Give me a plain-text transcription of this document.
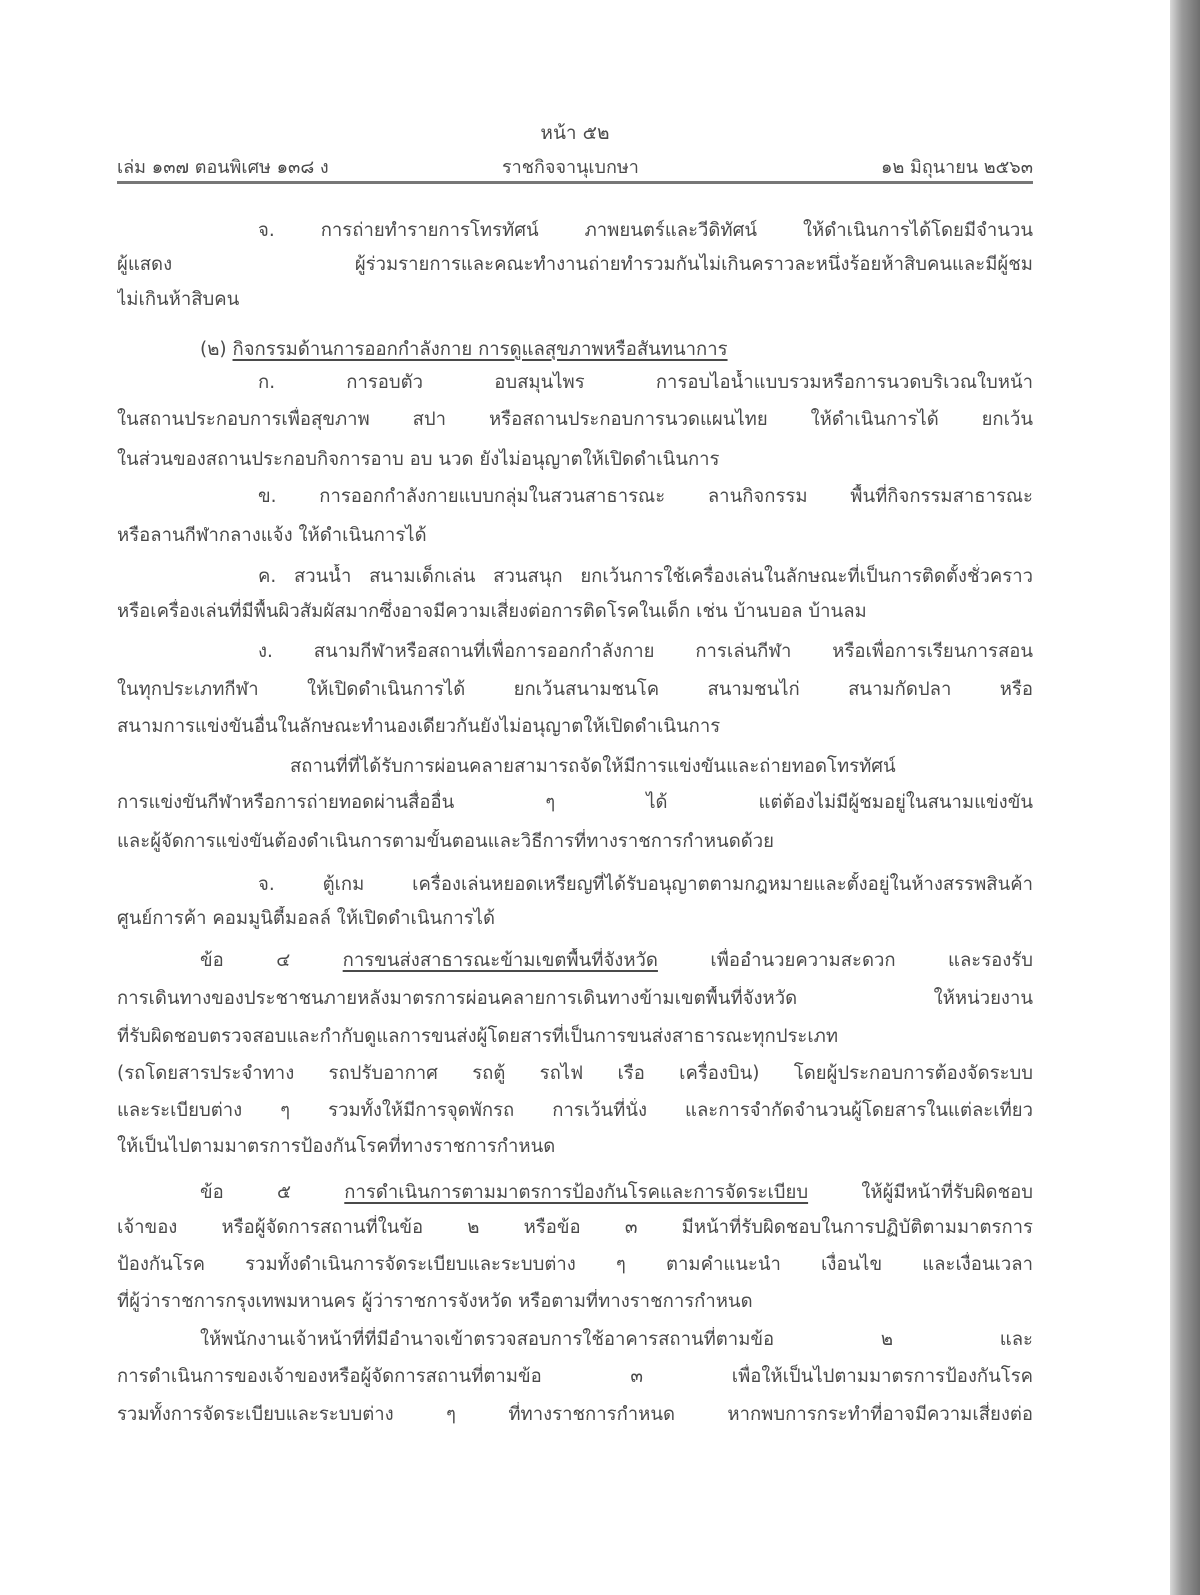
หน้า ๕๒
เล่ม ๑๓๗ ตอนพิเศษ ๑๓๘ ง	ราชกิจจานุเบกษา	๑๒ มิถุนายน ๒๕๖๓
จ. การถ่ายทำรายการโทรทัศน์ ภาพยนตร์และวีดิทัศน์ ให้ดำเนินการได้โดยมีจำนวน
ผู้แสดง ผู้ร่วมรายการและคณะทำงานถ่ายทำรวมกันไม่เกินคราวละหนึ่งร้อยห้าสิบคนและมีผู้ชม
ไม่เกินห้าสิบคน
(๒) กิจกรรมด้านการออกกำลังกาย การดูแลสุขภาพหรือสันทนาการ
ก. การอบตัว อบสมุนไพร การอบไอน้ำแบบรวมหรือการนวดบริเวณใบหน้า
ในสถานประกอบการเพื่อสุขภาพ สปา หรือสถานประกอบการนวดแผนไทย ให้ดำเนินการได้ ยกเว้น
ในส่วนของสถานประกอบกิจการอาบ อบ นวด ยังไม่อนุญาตให้เปิดดำเนินการ
ข. การออกกำลังกายแบบกลุ่มในสวนสาธารณะ ลานกิจกรรม พื้นที่กิจกรรมสาธารณะ
หรือลานกีฬากลางแจ้ง ให้ดำเนินการได้
ค. สวนน้ำ สนามเด็กเล่น สวนสนุก ยกเว้นการใช้เครื่องเล่นในลักษณะที่เป็นการติดตั้งชั่วคราว
หรือเครื่องเล่นที่มีพื้นผิวสัมผัสมากซึ่งอาจมีความเสี่ยงต่อการติดโรคในเด็ก เช่น บ้านบอล บ้านลม
ง. สนามกีฬาหรือสถานที่เพื่อการออกกำลังกาย การเล่นกีฬา หรือเพื่อการเรียนการสอน
ในทุกประเภทกีฬา ให้เปิดดำเนินการได้ ยกเว้นสนามชนโค สนามชนไก่ สนามกัดปลา หรือ
สนามการแข่งขันอื่นในลักษณะทำนองเดียวกันยังไม่อนุญาตให้เปิดดำเนินการ
สถานที่ที่ได้รับการผ่อนคลายสามารถจัดให้มีการแข่งขันและถ่ายทอดโทรทัศน์
การแข่งขันกีฬาหรือการถ่ายทอดผ่านสื่ออื่น ๆ ได้ แต่ต้องไม่มีผู้ชมอยู่ในสนามแข่งขัน
และผู้จัดการแข่งขันต้องดำเนินการตามขั้นตอนและวิธีการที่ทางราชการกำหนดด้วย
จ. ตู้เกม เครื่องเล่นหยอดเหรียญที่ได้รับอนุญาตตามกฎหมายและตั้งอยู่ในห้างสรรพสินค้า
ศูนย์การค้า คอมมูนิตี้มอลล์ ให้เปิดดำเนินการได้
ข้อ ๔ การขนส่งสาธารณะข้ามเขตพื้นที่จังหวัด เพื่ออำนวยความสะดวก และรองรับ
การเดินทางของประชาชนภายหลังมาตรการผ่อนคลายการเดินทางข้ามเขตพื้นที่จังหวัด ให้หน่วยงาน
ที่รับผิดชอบตรวจสอบและกำกับดูแลการขนส่งผู้โดยสารที่เป็นการขนส่งสาธารณะทุกประเภท
(รถโดยสารประจำทาง รถปรับอากาศ รถตู้ รถไฟ เรือ เครื่องบิน) โดยผู้ประกอบการต้องจัดระบบ
และระเบียบต่าง ๆ รวมทั้งให้มีการจุดพักรถ การเว้นที่นั่ง และการจำกัดจำนวนผู้โดยสารในแต่ละเที่ยว
ให้เป็นไปตามมาตรการป้องกันโรคที่ทางราชการกำหนด
ข้อ ๕ การดำเนินการตามมาตรการป้องกันโรคและการจัดระเบียบ ให้ผู้มีหน้าที่รับผิดชอบ
เจ้าของ หรือผู้จัดการสถานที่ในข้อ ๒ หรือข้อ ๓ มีหน้าที่รับผิดชอบในการปฏิบัติตามมาตรการ
ป้องกันโรค รวมทั้งดำเนินการจัดระเบียบและระบบต่าง ๆ ตามคำแนะนำ เงื่อนไข และเงื่อนเวลา
ที่ผู้ว่าราชการกรุงเทพมหานคร ผู้ว่าราชการจังหวัด หรือตามที่ทางราชการกำหนด
ให้พนักงานเจ้าหน้าที่ที่มีอำนาจเข้าตรวจสอบการใช้อาคารสถานที่ตามข้อ ๒ และ
การดำเนินการของเจ้าของหรือผู้จัดการสถานที่ตามข้อ ๓ เพื่อให้เป็นไปตามมาตรการป้องกันโรค
รวมทั้งการจัดระเบียบและระบบต่าง ๆ ที่ทางราชการกำหนด หากพบการกระทำที่อาจมีความเสี่ยงต่อ
